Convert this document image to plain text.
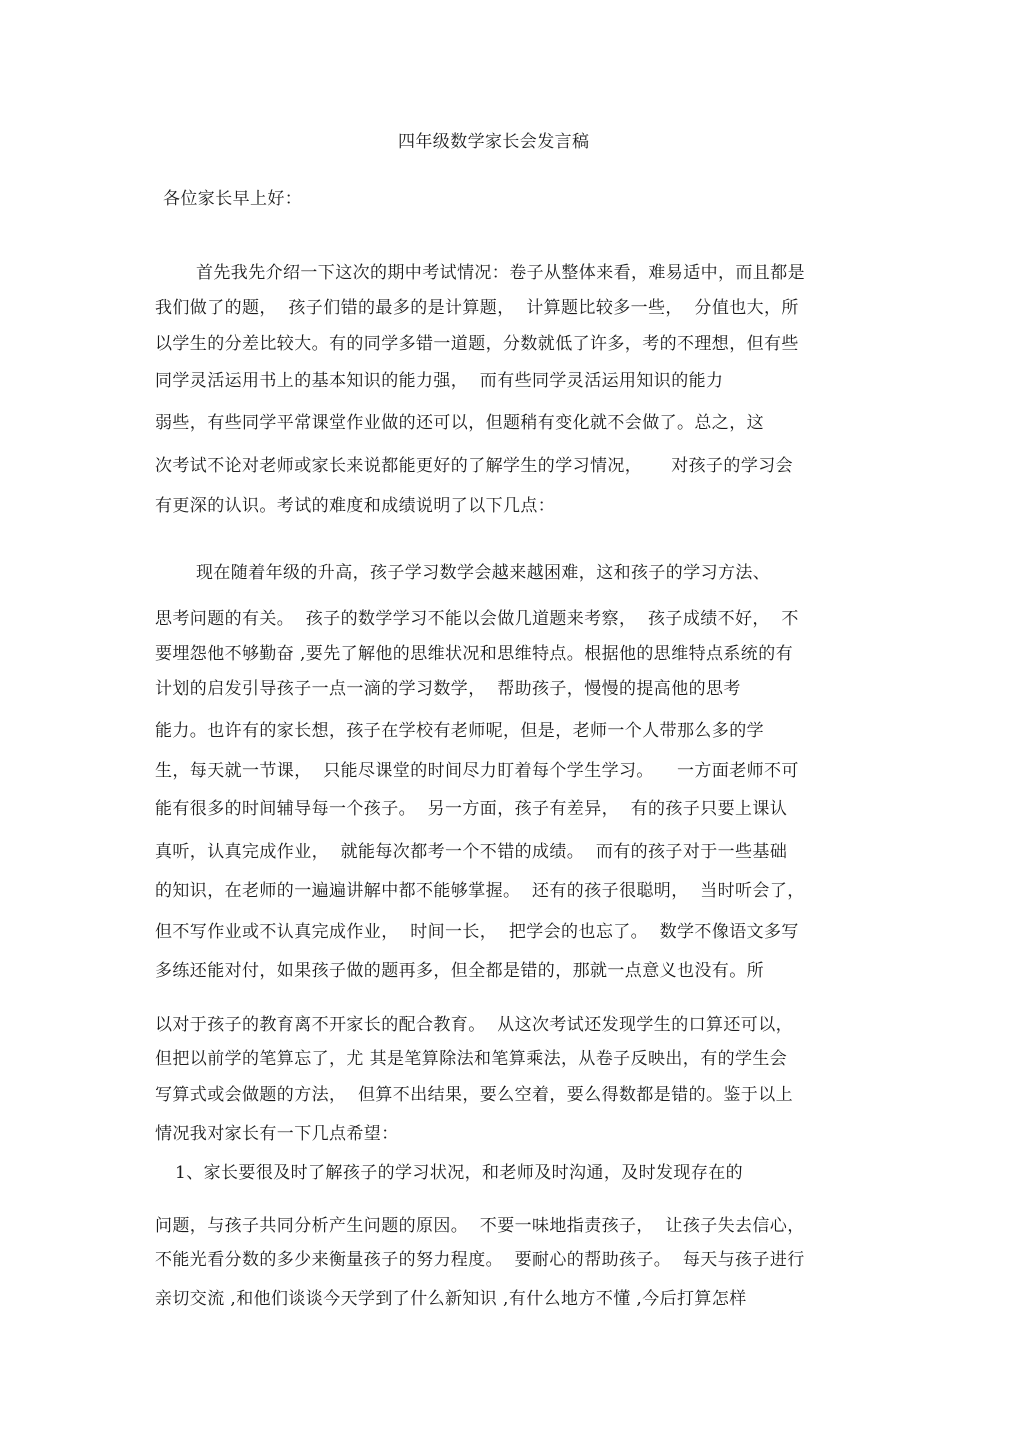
四年级数学家长会发言稿
各位家长早上好：
首先我先介绍一下这次的期中考试情况：卷子从整体来看，难易适中，而且都是
我们做了的题，  孩子们错的最多的是计算题，  计算题比较多一些，  分值也大，所
以学生的分差比较大。有的同学多错一道题，分数就低了许多，考的不理想，但有些
同学灵活运用书上的基本知识的能力强，  而有些同学灵活运用知识的能力
弱些，有些同学平常课堂作业做的还可以，但题稍有变化就不会做了。总之，这
次考试不论对老师或家长来说都能更好的了解学生的学习情况，     对孩子的学习会
有更深的认识。考试的难度和成绩说明了以下几点：
现在随着年级的升高，孩子学习数学会越来越困难，这和孩子的学习方法、
思考问题的有关。  孩子的数学学习不能以会做几道题来考察，  孩子成绩不好，  不
要埋怨他不够勤奋 ,要先了解他的思维状况和思维特点。根据他的思维特点系统的有
计划的启发引导孩子一点一滴的学习数学，  帮助孩子，慢慢的提高他的思考
能力。也许有的家长想，孩子在学校有老师呢，但是，老师一个人带那么多的学
生，每天就一节课，  只能尽课堂的时间尽力盯着每个学生学习。    一方面老师不可
能有很多的时间辅导每一个孩子。  另一方面，孩子有差异，  有的孩子只要上课认
真听，认真完成作业，  就能每次都考一个不错的成绩。  而有的孩子对于一些基础
的知识，在老师的一遍遍讲解中都不能够掌握。  还有的孩子很聪明，  当时听会了，
但不写作业或不认真完成作业，  时间一长，  把学会的也忘了。  数学不像语文多写
多练还能对付，如果孩子做的题再多，但全都是错的，那就一点意义也没有。所
以对于孩子的教育离不开家长的配合教育。  从这次考试还发现学生的口算还可以，
但把以前学的笔算忘了，尤 其是笔算除法和笔算乘法，从卷子反映出，有的学生会
写算式或会做题的方法，  但算不出结果，要么空着，要么得数都是错的。鉴于以上
情况我对家长有一下几点希望：
1、家长要很及时了解孩子的学习状况，和老师及时沟通，及时发现存在的
问题，与孩子共同分析产生问题的原因。  不要一味地指责孩子，  让孩子失去信心，
不能光看分数的多少来衡量孩子的努力程度。  要耐心的帮助孩子。  每天与孩子进行
亲切交流 ,和他们谈谈今天学到了什么新知识 ,有什么地方不懂 ,今后打算怎样
